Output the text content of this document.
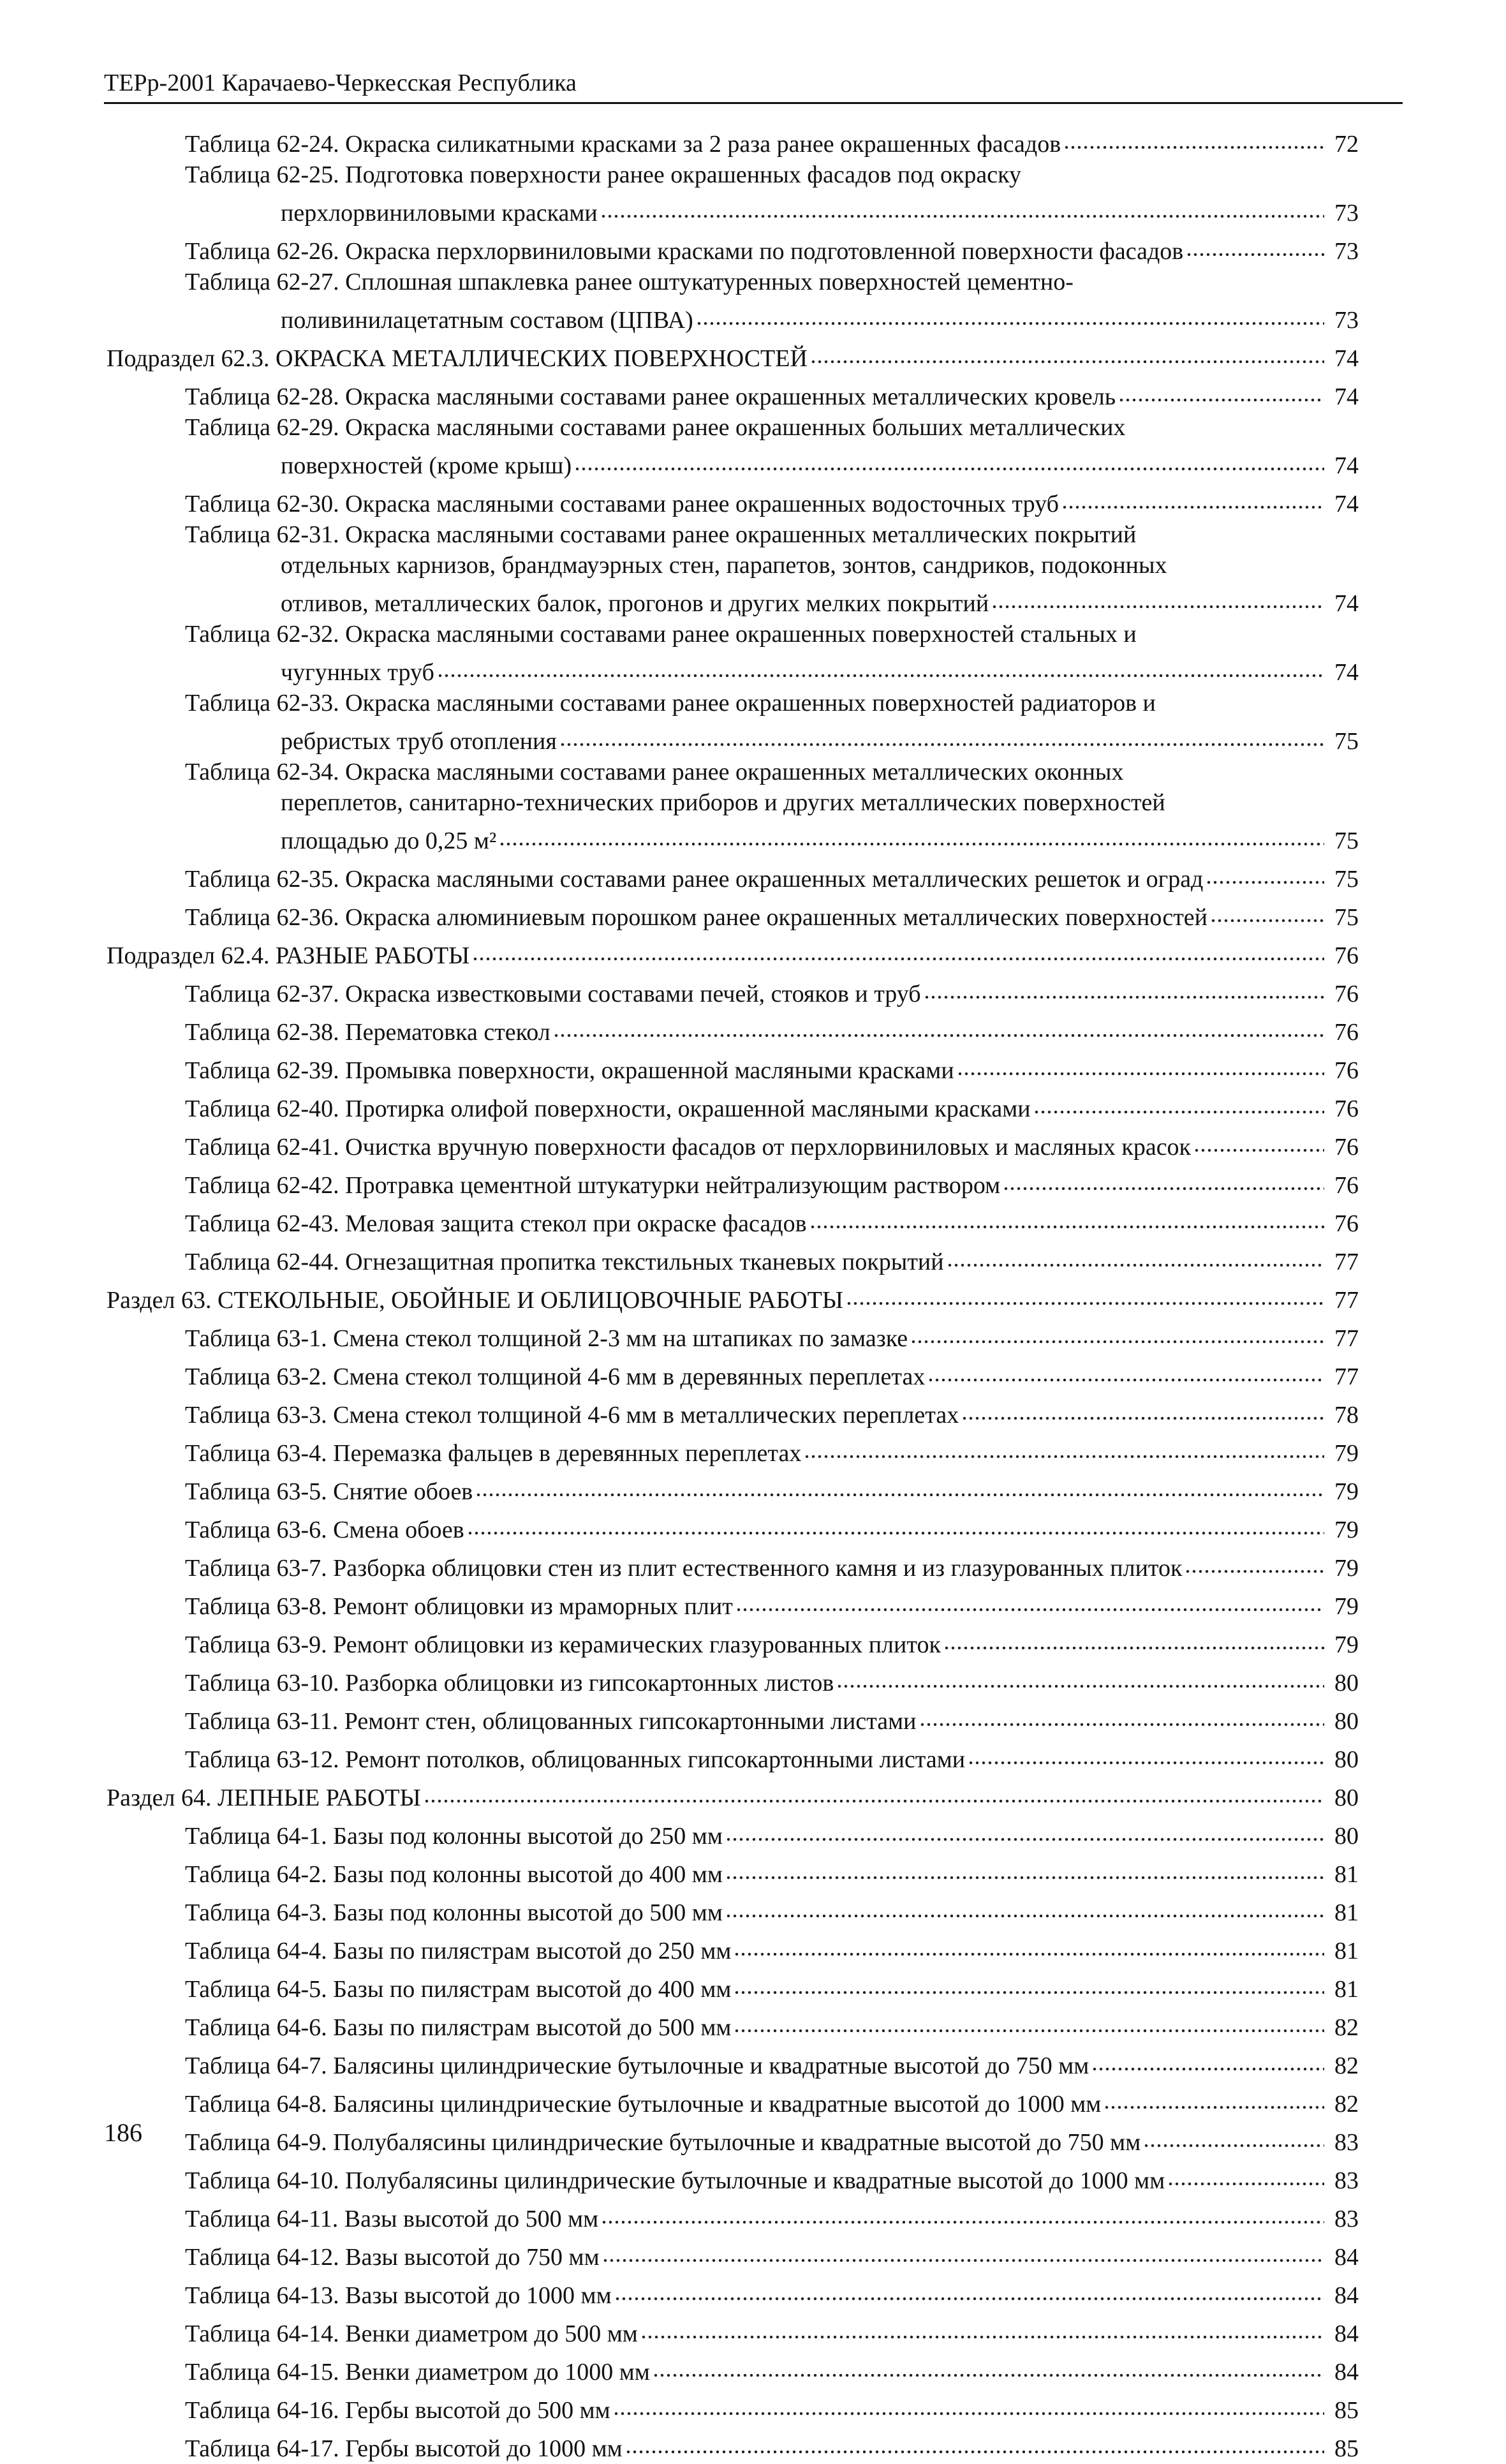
ТЕРр-2001 Карачаево-Черкесская Республика
Таблица 62-24. Окраска силикатными красками за 2 раза ранее окрашенных фасадов	72
Таблица 62-25. Подготовка поверхности ранее окрашенных фасадов под окраску
перхлорвиниловыми красками	73
Таблица 62-26. Окраска перхлорвиниловыми красками по подготовленной поверхности фасадов	73
Таблица 62-27. Сплошная шпаклевка ранее оштукатуренных поверхностей цементно-
поливинилацетатным составом (ЦПВА)	73
Подраздел 62.3. ОКРАСКА МЕТАЛЛИЧЕСКИХ ПОВЕРХНОСТЕЙ	74
Таблица 62-28. Окраска масляными составами ранее окрашенных металлических кровель	74
Таблица 62-29. Окраска масляными составами ранее окрашенных больших металлических
поверхностей (кроме крыш)	74
Таблица 62-30. Окраска масляными составами ранее окрашенных водосточных труб	74
Таблица 62-31. Окраска масляными составами ранее окрашенных металлических покрытий
отдельных карнизов, брандмауэрных стен, парапетов, зонтов, сандриков, подоконных
отливов, металлических балок, прогонов и других мелких покрытий	74
Таблица 62-32. Окраска масляными составами ранее окрашенных поверхностей стальных и
чугунных труб	74
Таблица 62-33. Окраска масляными составами ранее окрашенных поверхностей радиаторов и
ребристых труб отопления	75
Таблица 62-34. Окраска масляными составами ранее окрашенных металлических оконных
переплетов, санитарно-технических приборов и других металлических поверхностей
площадью до 0,25 м²	75
Таблица 62-35. Окраска масляными составами ранее окрашенных металлических решеток и оград	75
Таблица 62-36. Окраска алюминиевым порошком ранее окрашенных металлических поверхностей	75
Подраздел 62.4. РАЗНЫЕ РАБОТЫ	76
Таблица 62-37. Окраска известковыми составами печей, стояков и труб	76
Таблица 62-38. Перематовка стекол	76
Таблица 62-39. Промывка поверхности, окрашенной масляными красками	76
Таблица 62-40. Протирка олифой поверхности, окрашенной масляными красками	76
Таблица 62-41. Очистка вручную поверхности фасадов от перхлорвиниловых и масляных красок	76
Таблица 62-42. Протравка цементной штукатурки нейтрализующим раствором	76
Таблица 62-43. Меловая защита стекол при окраске фасадов	76
Таблица 62-44. Огнезащитная пропитка текстильных тканевых покрытий	77
Раздел 63. СТЕКОЛЬНЫЕ, ОБОЙНЫЕ И ОБЛИЦОВОЧНЫЕ РАБОТЫ	77
Таблица 63-1. Смена стекол толщиной 2-3 мм на штапиках по замазке	77
Таблица 63-2. Смена стекол толщиной 4-6 мм в деревянных переплетах	77
Таблица 63-3. Смена стекол толщиной 4-6 мм в металлических переплетах	78
Таблица 63-4. Перемазка фальцев в деревянных переплетах	79
Таблица 63-5. Снятие обоев	79
Таблица 63-6. Смена обоев	79
Таблица 63-7. Разборка облицовки стен из плит естественного камня и из глазурованных плиток	79
Таблица 63-8. Ремонт облицовки из мраморных плит	79
Таблица 63-9. Ремонт облицовки из керамических глазурованных плиток	79
Таблица 63-10. Разборка облицовки из гипсокартонных листов	80
Таблица 63-11. Ремонт стен, облицованных гипсокартонными листами	80
Таблица 63-12. Ремонт потолков, облицованных гипсокартонными листами	80
Раздел 64. ЛЕПНЫЕ РАБОТЫ	80
Таблица 64-1. Базы под колонны высотой до 250 мм	80
Таблица 64-2. Базы под колонны высотой до 400 мм	81
Таблица 64-3. Базы под колонны высотой до 500 мм	81
Таблица 64-4. Базы по пилястрам высотой до 250 мм	81
Таблица 64-5. Базы по пилястрам высотой до 400 мм	81
Таблица 64-6. Базы по пилястрам высотой до 500 мм	82
Таблица 64-7. Балясины цилиндрические бутылочные и квадратные высотой до 750 мм	82
Таблица 64-8. Балясины цилиндрические бутылочные и квадратные высотой до 1000 мм	82
Таблица 64-9. Полубалясины цилиндрические бутылочные и квадратные высотой до 750 мм	83
Таблица 64-10. Полубалясины цилиндрические бутылочные и квадратные высотой до 1000 мм	83
Таблица 64-11. Вазы высотой до 500 мм	83
Таблица 64-12. Вазы высотой до 750 мм	84
Таблица 64-13. Вазы высотой до 1000 мм	84
Таблица 64-14. Венки диаметром до 500 мм	84
Таблица 64-15. Венки диаметром до 1000 мм	84
Таблица 64-16. Гербы высотой до 500 мм	85
Таблица 64-17. Гербы высотой до 1000 мм	85
186
